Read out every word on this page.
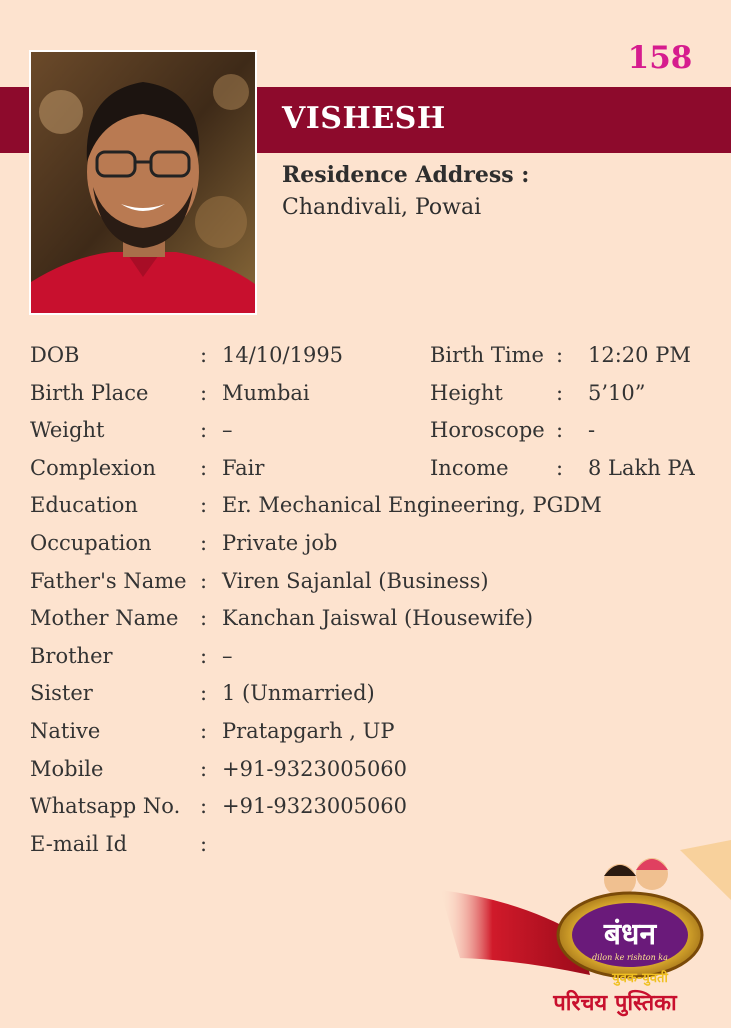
158
VISHESH
Residence Address :
Chandivali, Powai
DOB	: 14/10/1995	Birth Time : 12:20 PM
Birth Place : Mumbai	Height	: 5’10”
Weight	: –	Horoscope : -
Complexion : Fair	Income : 8 Lakh PA
Education	: Er. Mechanical Engineering, PGDM
Occupation : Private job
Father's Name : Viren Sajanlal (Business)
Mother Name : Kanchan Jaiswal (Housewife)
Brother	: –
Sister	: 1 (Unmarried)
Native	: Pratapgarh , UP
Mobile	: +91-9323005060
Whatsapp No. : +91-9323005060
E-mail Id	:
बंधन
dilon ke rishton ka
युवक-युवती
परिचय पुस्तिका
